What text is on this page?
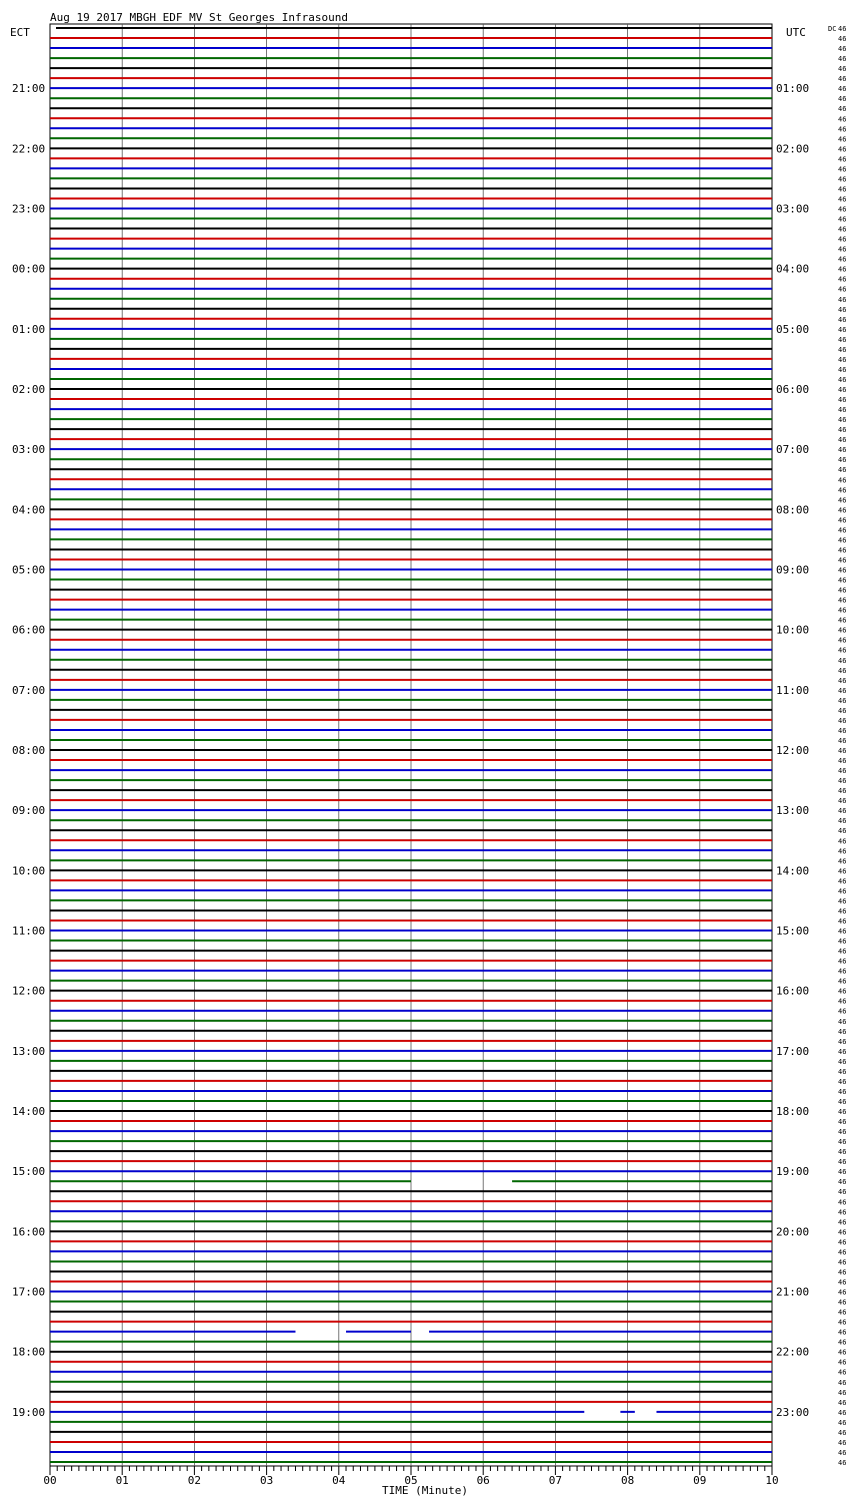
Aug 19 2017 MBGH EDF MV St Georges Infrasound
ECT	UTC	DC
21:00
22:00
23:00
00:00
01:00
02:00
03:00
04:00
05:00
06:00
07:00
08:00
09:00
10:00
11:00
12:00
13:00
14:00
15:00
16:00
17:00
18:00
19:00
01:00
02:00
03:00
04:00
05:00
06:00
07:00
08:00
09:00
10:00
11:00
12:00
13:00
14:00
15:00
16:00
17:00
18:00
19:00
20:00
21:00
22:00
23:00
46
46
46
46
46
46
46
46
46
46
46
46
46
46
46
46
46
46
46
46
46
46
46
46
46
46
46
46
46
46
46
46
46
46
46
46
46
46
46
46
46
46
46
46
46
46
46
46
46
46
46
46
46
46
46
46
46
46
46
46
46
46
46
46
46
46
46
46
46
46
46
46
46
46
46
46
46
46
46
46
46
46
46
46
46
46
46
46
46
46
46
46
46
46
46
46
46
46
46
46
46
46
46
46
46
46
46
46
46
46
46
46
46
46
46
46
46
46
46
46
46
46
46
46
46
46
46
46
46
46
46
46
46
46
46
46
46
46
46
46
46
46
46
46
00	01	02	03	04	05	06	07	08	09	10
TIME (Minute)
